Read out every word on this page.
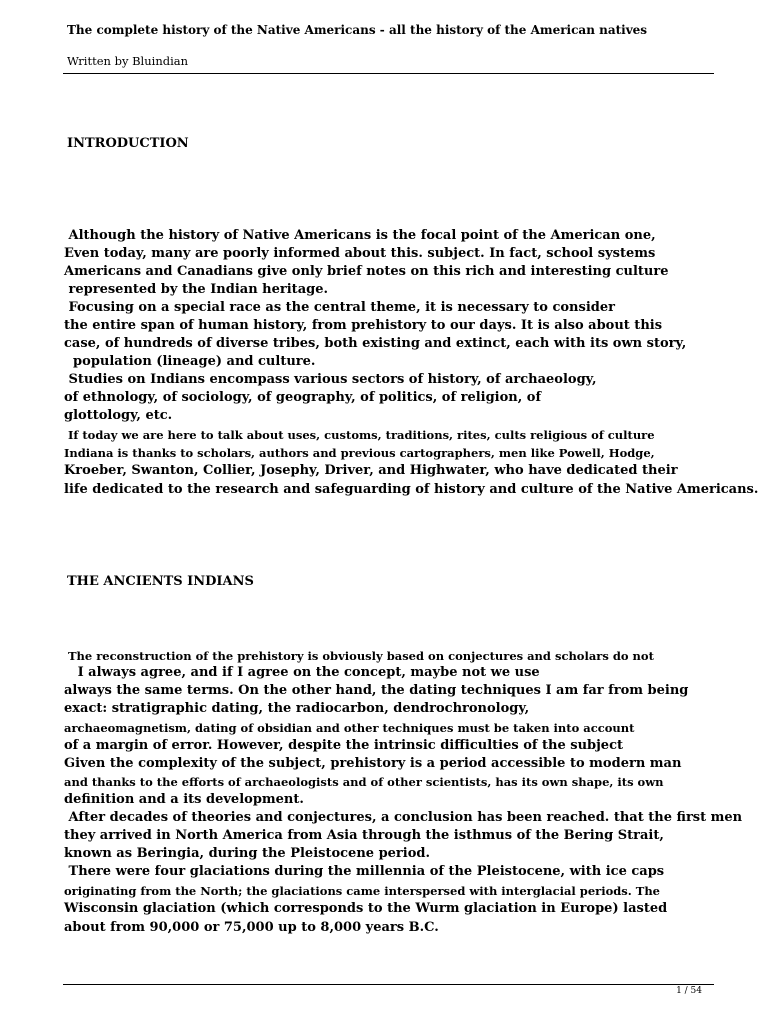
The complete history of the Native Americans - all the history of the American natives
Written by Bluindian
INTRODUCTION
Although the history of Native Americans is the focal point of the American one,
Even today, many are poorly informed about this. subject. In fact, school systems
Americans and Canadians give only brief notes on this rich and interesting culture
represented by the Indian heritage.
Focusing on a special race as the central theme, it is necessary to consider
the entire span of human history, from prehistory to our days. It is also about this
case, of hundreds of diverse tribes, both existing and extinct, each with its own story,
population (lineage) and culture.
Studies on Indians encompass various sectors of history, of archaeology,
of ethnology, of sociology, of geography, of politics, of religion, of
glottology, etc.
If today we are here to talk about uses, customs, traditions, rites, cults religious of culture
Indiana is thanks to scholars, authors and previous cartographers, men like Powell, Hodge,
Kroeber, Swanton, Collier, Josephy, Driver, and Highwater, who have dedicated their
life dedicated to the research and safeguarding of history and culture of the Native Americans.
THE ANCIENTS INDIANS
The reconstruction of the prehistory is obviously based on conjectures and scholars do not
I always agree, and if I agree on the concept, maybe not we use
always the same terms. On the other hand, the dating techniques I am far from being
exact: stratigraphic dating, the radiocarbon, dendrochronology,
archaeomagnetism, dating of obsidian and other techniques must be taken into account
of a margin of error. However, despite the intrinsic difficulties of the subject
Given the complexity of the subject, prehistory is a period accessible to modern man
and thanks to the efforts of archaeologists and of other scientists, has its own shape, its own
definition and a its development.
After decades of theories and conjectures, a conclusion has been reached. that the first men
they arrived in North America from Asia through the isthmus of the Bering Strait,
known as Beringia, during the Pleistocene period.
There were four glaciations during the millennia of the Pleistocene, with ice caps
originating from the North; the glaciations came interspersed with interglacial periods. The
Wisconsin glaciation (which corresponds to the Wurm glaciation in Europe) lasted
about from 90,000 or 75,000 up to 8,000 years B.C.
1 / 54
